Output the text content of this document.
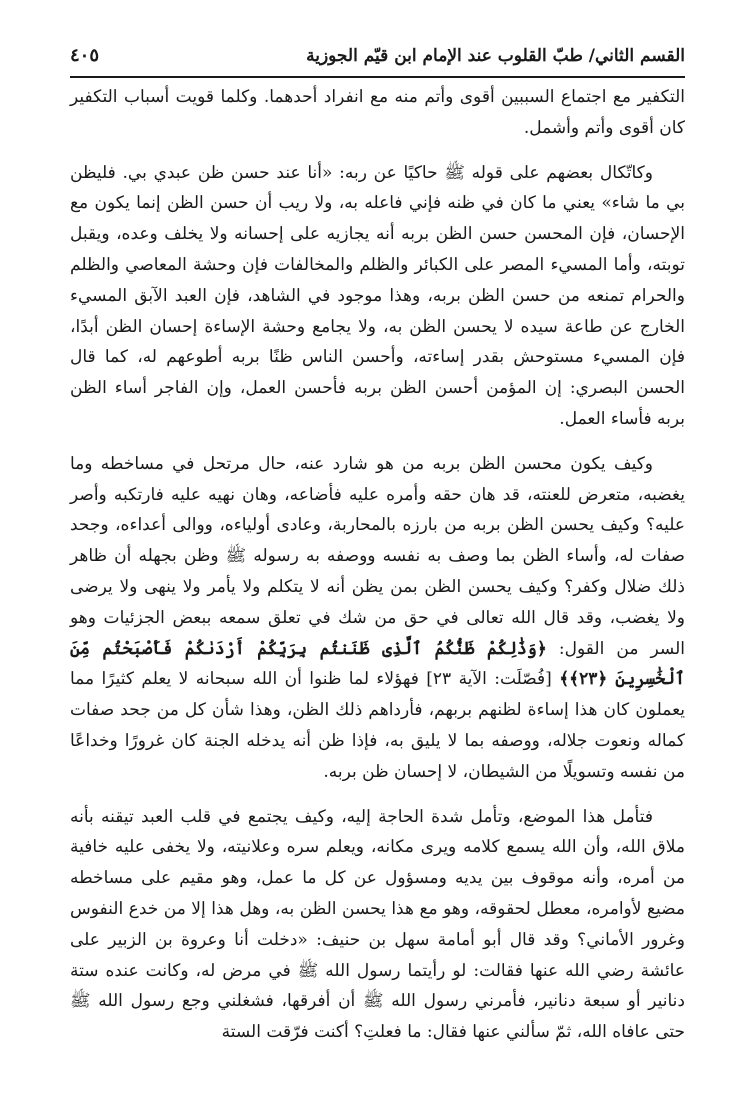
القسم الثاني/ طبّ القلوب عند الإمام ابن قيّم الجوزية
٤٠٥

التكفير مع اجتماع السببين أقوى وأتم منه مع انفراد أحدهما. وكلما قويت أسباب التكفير كان أقوى وأتم وأشمل.

وكاتّكال بعضهم على قوله ﷺ حاكيًا عن ربه: «أنا عند حسن ظن عبدي بي. فليظن بي ما شاء» يعني ما كان في ظنه فإني فاعله به، ولا ريب أن حسن الظن إنما يكون مع الإحسان، فإن المحسن حسن الظن بربه أنه يجازيه على إحسانه ولا يخلف وعده، ويقبل توبته، وأما المسيء المصر على الكبائر والظلم والمخالفات فإن وحشة المعاصي والظلم والحرام تمنعه من حسن الظن بربه، وهذا موجود في الشاهد، فإن العبد الآبق المسيء الخارج عن طاعة سيده لا يحسن الظن به، ولا يجامع وحشة الإساءة إحسان الظن أبدًا، فإن المسيء مستوحش بقدر إساءته، وأحسن الناس ظنًا بربه أطوعهم له، كما قال الحسن البصري: إن المؤمن أحسن الظن بربه فأحسن العمل، وإن الفاجر أساء الظن بربه فأساء العمل.

وكيف يكون محسن الظن بربه من هو شارد عنه، حال مرتحل في مساخطه وما يغضبه، متعرض للعنته، قد هان حقه وأمره عليه فأضاعه، وهان نهيه عليه فارتكبه وأصر عليه؟ وكيف يحسن الظن بربه من بارزه بالمحاربة، وعادى أولياءه، ووالى أعداءه، وجحد صفات له، وأساء الظن بما وصف به نفسه ووصفه به رسوله ﷺ وظن بجهله أن ظاهر ذلك ضلال وكفر؟ وكيف يحسن الظن بمن يظن أنه لا يتكلم ولا يأمر ولا ينهى ولا يرضى ولا يغضب، وقد قال الله تعالى في حق من شك في تعلق سمعه ببعض الجزئيات وهو السر من القول: ﴿وَذَٰلِكُمْ ظَنُّكُمُ ٱلَّذِى ظَنَنتُم بِرَبِّكُمْ أَرْدَىٰكُمْ فَأَصْبَحْتُم مِّنَ ٱلْخَٰسِرِينَ ﴿٢٣﴾﴾ [فُصّلَت: الآية ٢٣] فهؤلاء لما ظنوا أن الله سبحانه لا يعلم كثيرًا مما يعملون كان هذا إساءة لظنهم بربهم، فأرداهم ذلك الظن، وهذا شأن كل من جحد صفات كماله ونعوت جلاله، ووصفه بما لا يليق به، فإذا ظن أنه يدخله الجنة كان غرورًا وخداعًا من نفسه وتسويلًا من الشيطان، لا إحسان ظن بربه.

فتأمل هذا الموضع، وتأمل شدة الحاجة إليه، وكيف يجتمع في قلب العبد تيقنه بأنه ملاق الله، وأن الله يسمع كلامه ويرى مكانه، ويعلم سره وعلانيته، ولا يخفى عليه خافية من أمره، وأنه موقوف بين يديه ومسؤول عن كل ما عمل، وهو مقيم على مساخطه مضيع لأوامره، معطل لحقوقه، وهو مع هذا يحسن الظن به، وهل هذا إلا من خدع النفوس وغرور الأماني؟ وقد قال أبو أمامة سهل بن حنيف: «دخلت أنا وعروة بن الزبير على عائشة رضي الله عنها فقالت: لو رأيتما رسول الله ﷺ في مرض له، وكانت عنده ستة دنانير أو سبعة دنانير، فأمرني رسول الله ﷺ أن أفرقها، فشغلني وجع رسول الله ﷺ حتى عافاه الله، ثمّ سألني عنها فقال: ما فعلتِ؟ أكنت فرّقت الستة
